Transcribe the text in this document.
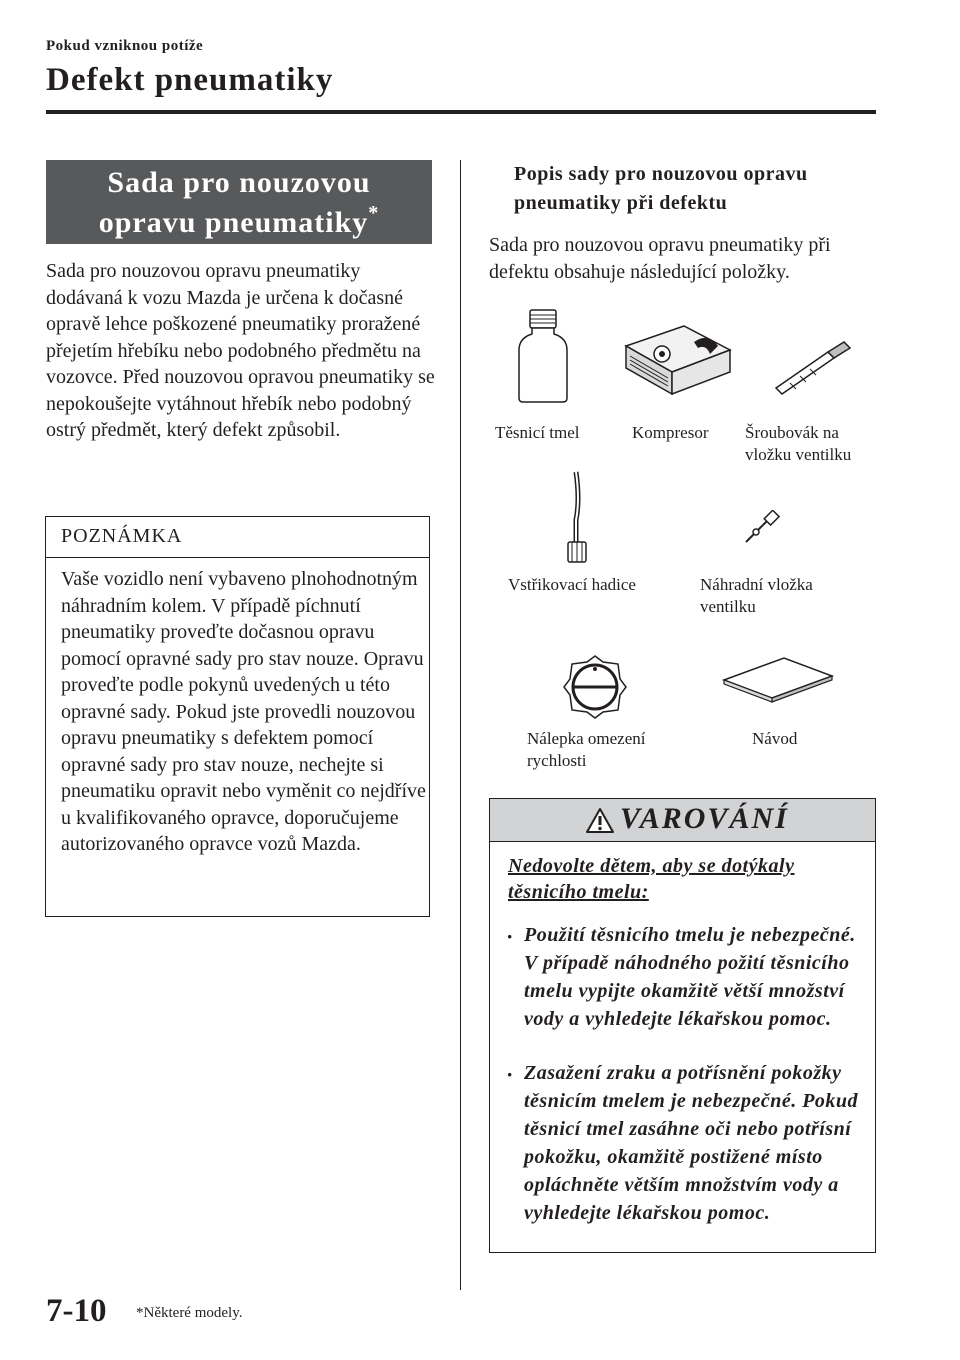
Pokud vzniknou potíže
Defekt pneumatiky
Sada pro nouzovou
opravu pneumatiky*
Sada pro nouzovou opravu pneumatiky dodávaná k vozu Mazda je určena k dočasné opravě lehce poškozené pneumatiky proražené přejetím hřebíku nebo podobného předmětu na vozovce. Před nouzovou opravou pneumatiky se nepokoušejte vytáhnout hřebík nebo podobný ostrý předmět, který defekt způsobil.
POZNÁMKA
Vaše vozidlo není vybaveno plnohodnotným náhradním kolem. V případě píchnutí pneumatiky proveďte dočasnou opravu pomocí opravné sady pro stav nouze. Opravu proveďte podle pokynů uvedených u této opravné sady. Pokud jste provedli nouzovou opravu pneumatiky s defektem pomocí opravné sady pro stav nouze, nechejte si pneumatiku opravit nebo vyměnit co nejdříve u kvalifikovaného opravce, doporučujeme autorizovaného opravce vozů Mazda.
Popis sady pro nouzovou opravu pneumatiky při defektu
Sada pro nouzovou opravu pneumatiky při defektu obsahuje následující položky.
Těsnicí tmel	Kompresor Šroubovák na vložku ventilku
Vstřikovací hadice	Náhradní vložka ventilku
Nálepka omezení rychlosti
Návod
VAROVÁNÍ
Nedovolte dětem, aby se dotýkaly těsnicího tmelu:
· Použití těsnicího tmelu je nebezpečné. V případě náhodného požití těsnicího tmelu vypijte okamžitě větší množství vody a vyhledejte lékařskou pomoc.
· Zasažení zraku a potřísnění pokožky těsnicím tmelem je nebezpečné. Pokud těsnicí tmel zasáhne oči nebo potřísní pokožku, okamžitě postižené místo opláchněte větším množstvím vody a vyhledejte lékařskou pomoc.
7-10 *Některé modely.
